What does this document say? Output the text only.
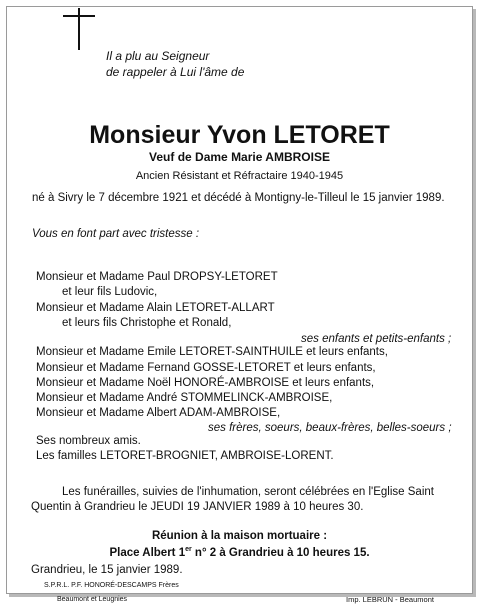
Il a plu au Seigneur
de rappeler à Lui l'âme de
Monsieur Yvon LETORET
Veuf de Dame Marie AMBROISE
Ancien Résistant et Réfractaire 1940-1945
né à Sivry le 7 décembre 1921 et décédé à Montigny-le-Tilleul le 15 janvier 1989.
Vous en font part avec tristesse :
Monsieur et Madame Paul DROPSY-LETORET
et leur fils Ludovic,
Monsieur et Madame Alain LETORET-ALLART
et leurs fils Christophe et Ronald,
ses enfants et petits-enfants ;
Monsieur et Madame Emile LETORET-SAINTHUILE et leurs enfants,
Monsieur et Madame Fernand GOSSE-LETORET et leurs enfants,
Monsieur et Madame Noël HONORÉ-AMBROISE et leurs enfants,
Monsieur et Madame André STOMMELINCK-AMBROISE,
Monsieur et Madame Albert ADAM-AMBROISE,
ses frères, soeurs, beaux-frères, belles-soeurs ;
Ses nombreux amis.
Les familles LETORET-BROGNIET, AMBROISE-LORENT.
Les funérailles, suivies de l'inhumation, seront célébrées en l'Eglise Saint
Quentin à Grandrieu le JEUDI 19 JANVIER 1989 à 10 heures 30.
Réunion à la maison mortuaire :
Place Albert 1er n° 2 à Grandrieu à 10 heures 15.
Grandrieu, le 15 janvier 1989.
S.P.R.L. P.F. HONORÉ-DESCAMPS Frères
Beaumont et Leugnies	Imp. LEBRUN - Beaumont
